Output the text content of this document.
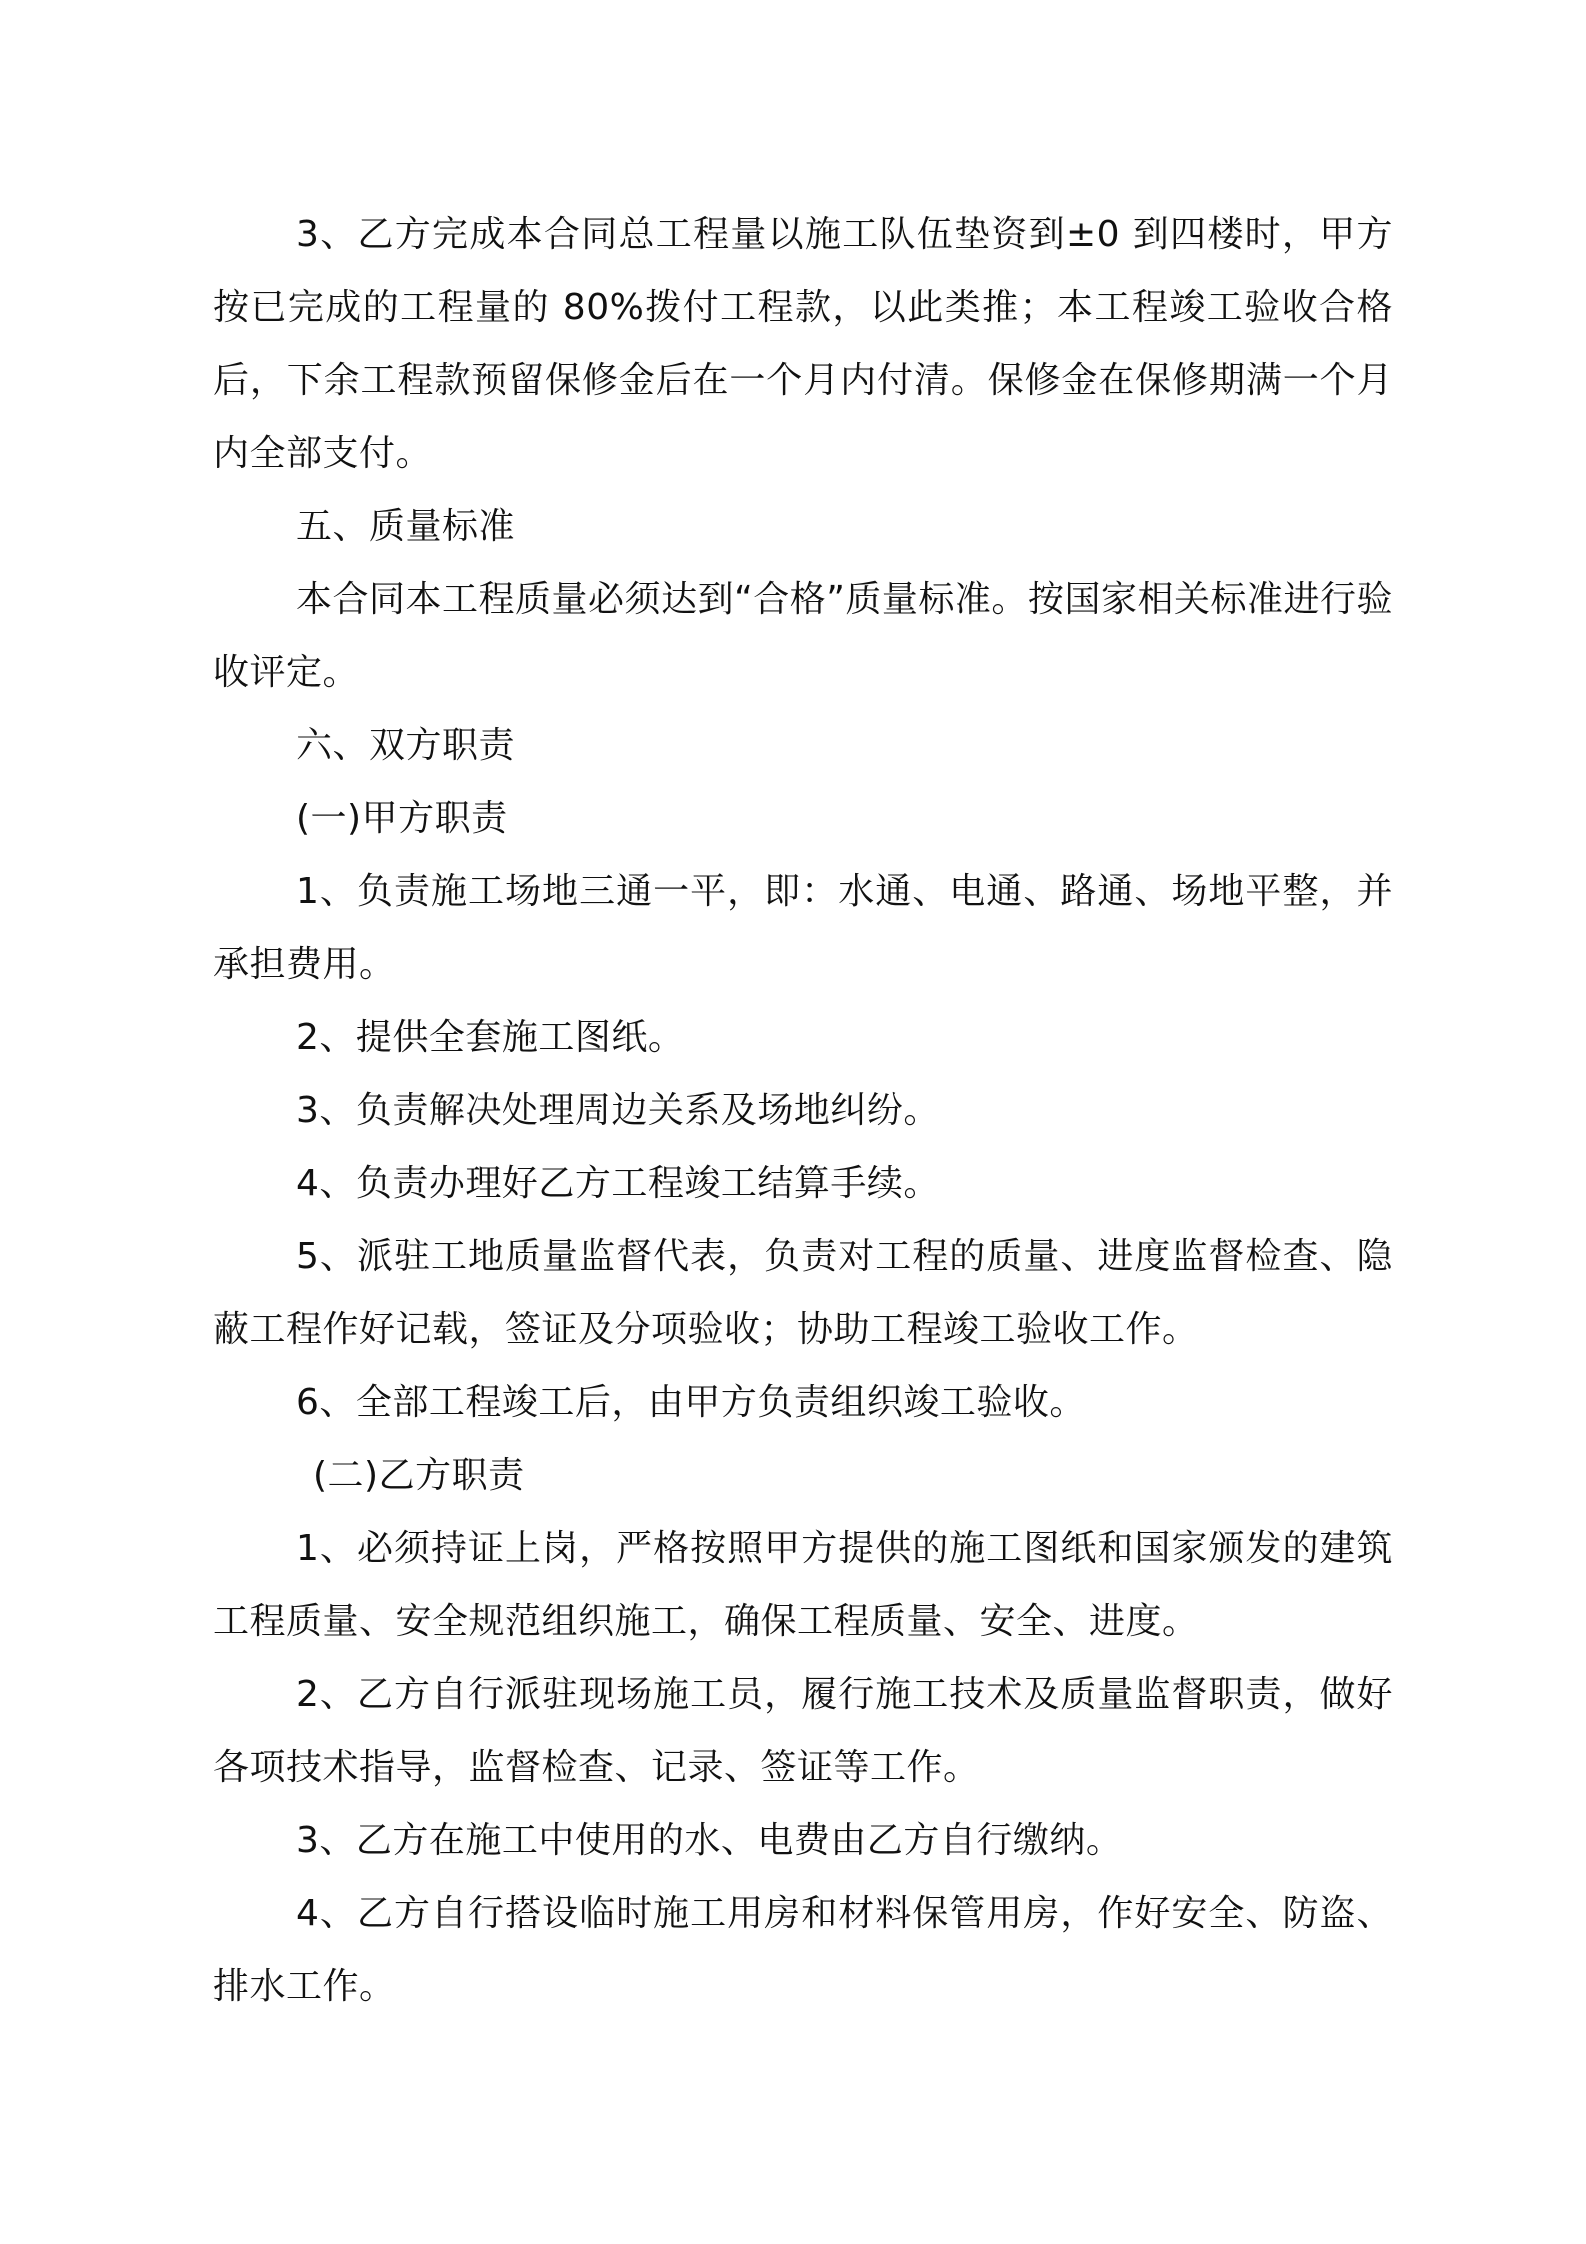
3、乙方完成本合同总工程量以施工队伍垫资到±0 到四楼时，甲方按已完成的工程量的 80%拨付工程款，以此类推；本工程竣工验收合格后，下余工程款预留保修金后在一个月内付清。保修金在保修期满一个月内全部支付。

五、质量标准

本合同本工程质量必须达到“合格”质量标准。按国家相关标准进行验收评定。

六、双方职责

(一)甲方职责

1、负责施工场地三通一平，即：水通、电通、路通、场地平整，并承担费用。

2、提供全套施工图纸。

3、负责解决处理周边关系及场地纠纷。

4、负责办理好乙方工程竣工结算手续。

5、派驻工地质量监督代表，负责对工程的质量、进度监督检查、隐蔽工程作好记载，签证及分项验收；协助工程竣工验收工作。

6、全部工程竣工后，由甲方负责组织竣工验收。

(二)乙方职责

1、必须持证上岗，严格按照甲方提供的施工图纸和国家颁发的建筑工程质量、安全规范组织施工，确保工程质量、安全、进度。

2、乙方自行派驻现场施工员，履行施工技术及质量监督职责，做好各项技术指导，监督检查、记录、签证等工作。

3、乙方在施工中使用的水、电费由乙方自行缴纳。

4、乙方自行搭设临时施工用房和材料保管用房，作好安全、防盗、排水工作。
